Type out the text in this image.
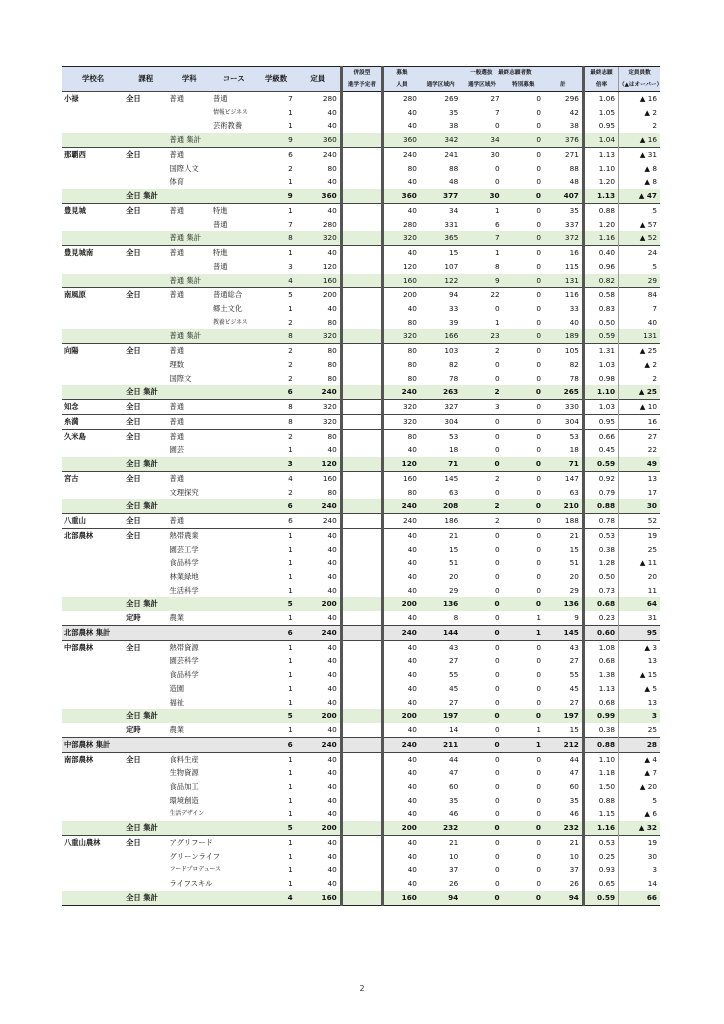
学校名	課程	学科	コース	学級数	定員	併設型	募集	一般選抜　最終志願者数				最終志願	定員員数
						進学予定者	人員	通学区域内	通学区域外	特別募集	計	倍率	（▲はオーバー）
小禄	全日	普通	普通	7	280		280	269	27	0	296	1.06	▲ 16
			情報ビジネス	1	40		40	35	7	0	42	1.05	▲ 2
			芸術教養	1	40		40	38	0	0	38	0.95	2
		普通 集計		9	360		360	342	34	0	376	1.04	▲ 16
那覇西	全日	普通		6	240		240	241	30	0	271	1.13	▲ 31
		国際人文		2	80		80	88	0	0	88	1.10	▲ 8
		体育		1	40		40	48	0	0	48	1.20	▲ 8
	全日 集計			9	360		360	377	30	0	407	1.13	▲ 47
豊見城	全日	普通	特進	1	40		40	34	1	0	35	0.88	5
			普通	7	280		280	331	6	0	337	1.20	▲ 57
		普通 集計		8	320		320	365	7	0	372	1.16	▲ 52
豊見城南	全日	普通	特進	1	40		40	15	1	0	16	0.40	24
			普通	3	120		120	107	8	0	115	0.96	5
		普通 集計		4	160		160	122	9	0	131	0.82	29
南風原	全日	普通	普通総合	5	200		200	94	22	0	116	0.58	84
			郷土文化	1	40		40	33	0	0	33	0.83	7
			教養ビジネス	2	80		80	39	1	0	40	0.50	40
		普通 集計		8	320		320	166	23	0	189	0.59	131
向陽	全日	普通		2	80		80	103	2	0	105	1.31	▲ 25
		理数		2	80		80	82	0	0	82	1.03	▲ 2
		国際文		2	80		80	78	0	0	78	0.98	2
	全日 集計			6	240		240	263	2	0	265	1.10	▲ 25
知念	全日	普通		8	320		320	327	3	0	330	1.03	▲ 10
糸満	全日	普通		8	320		320	304	0	0	304	0.95	16
久米島	全日	普通		2	80		80	53	0	0	53	0.66	27
		園芸		1	40		40	18	0	0	18	0.45	22
	全日 集計			3	120		120	71	0	0	71	0.59	49
宮古	全日	普通		4	160		160	145	2	0	147	0.92	13
		文理探究		2	80		80	63	0	0	63	0.79	17
	全日 集計			6	240		240	208	2	0	210	0.88	30
八重山	全日	普通		6	240		240	186	2	0	188	0.78	52
北部農林	全日	熱帯農業		1	40		40	21	0	0	21	0.53	19
		園芸工学		1	40		40	15	0	0	15	0.38	25
		食品科学		1	40		40	51	0	0	51	1.28	▲ 11
		林業緑地		1	40		40	20	0	0	20	0.50	20
		生活科学		1	40		40	29	0	0	29	0.73	11
	全日 集計			5	200		200	136	0	0	136	0.68	64
	定時	農業		1	40		40	8	0	1	9	0.23	31
北部農林 集計				6	240		240	144	0	1	145	0.60	95
中部農林	全日	熱帯資源		1	40		40	43	0	0	43	1.08	▲ 3
		園芸科学		1	40		40	27	0	0	27	0.68	13
		食品科学		1	40		40	55	0	0	55	1.38	▲ 15
		造園		1	40		40	45	0	0	45	1.13	▲ 5
		福祉		1	40		40	27	0	0	27	0.68	13
	全日 集計			5	200		200	197	0	0	197	0.99	3
	定時	農業		1	40		40	14	0	1	15	0.38	25
中部農林 集計				6	240		240	211	0	1	212	0.88	28
南部農林	全日	食料生産		1	40		40	44	0	0	44	1.10	▲ 4
		生物資源		1	40		40	47	0	0	47	1.18	▲ 7
		食品加工		1	40		40	60	0	0	60	1.50	▲ 20
		環境創造		1	40		40	35	0	0	35	0.88	5
		生活デザイン		1	40		40	46	0	0	46	1.15	▲ 6
	全日 集計			5	200		200	232	0	0	232	1.16	▲ 32
八重山農林	全日	アグリフード		1	40		40	21	0	0	21	0.53	19
		グリーンライフ		1	40		40	10	0	0	10	0.25	30
		フードプロデュース		1	40		40	37	0	0	37	0.93	3
		ライフスキル		1	40		40	26	0	0	26	0.65	14
	全日 集計			4	160		160	94	0	0	94	0.59	66
2
